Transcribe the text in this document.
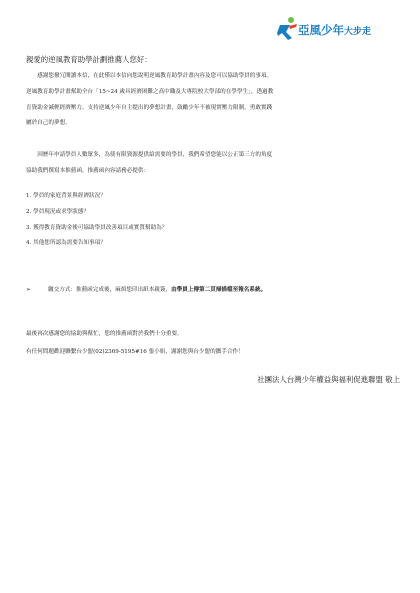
亞風少年大步走
親愛的逆風教育助學計劃推薦人您好：
　　感謝您撥冗閱讀本信，在此僅以本信向您說明逆風教育助學計畫內容及您可以協助學員的事項。
逆風教育助學計畫幫助全台「15~24 歲具經濟困難之高中職及大專院校大學部的在學學生」，透過教
育資助金減輕經濟壓力、支持逆風少年自主提出的夢想計畫，鼓勵少年不被現實壓力限制，勇敢實踐
屬於自己的夢想。
　　因歷年申請學員人數眾多，為使有限資源提供給需要的學員，我們希望您能以公正第三方的角度
協助我們撰寫本推薦函，推薦函內容請務必提供：
1. 學員的家庭背景與經濟狀況？
2. 學員現況或求學狀態？
3. 獲得教育資助金後可協助學員改善項目或實質幫助為？
4. 其他您所認為需要告知事項？
➢	繳交方式：推薦函完成後，麻煩您印出紙本親簽，由學員上傳第二頁掃描檔至報名系統。
最後再次感謝您的協助與幫忙，您的推薦函對於我們十分重要。
有任何問題歡迎聯繫台少盟(02)2369-5195#16 張小姐，謝謝您與台少盟的攜手合作！
社團法人台灣少年權益與福利促進聯盟 敬上
